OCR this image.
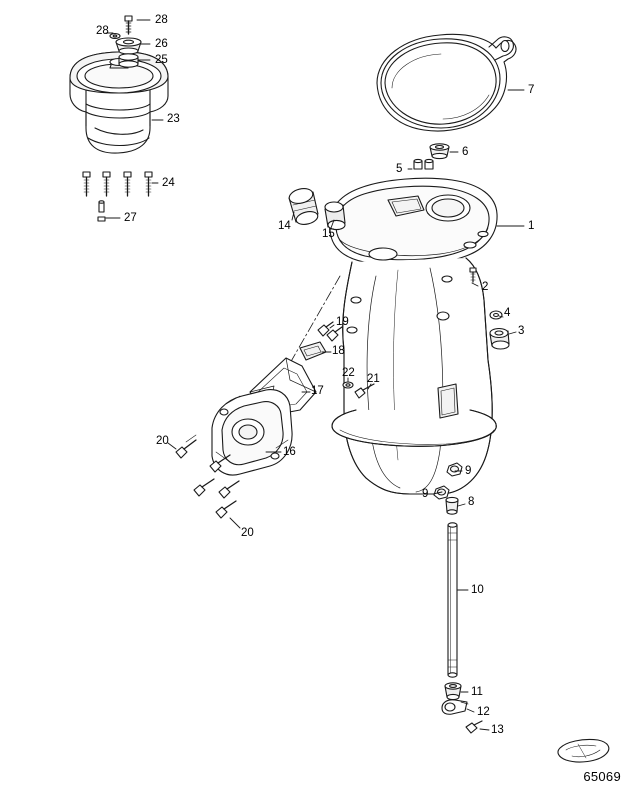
28
28
26
25
23
24
27
7
6
5
1
14
15
2
4
3
19
18
17
22 21
16
20
20
9
9
8
10
11
12
13
65069
